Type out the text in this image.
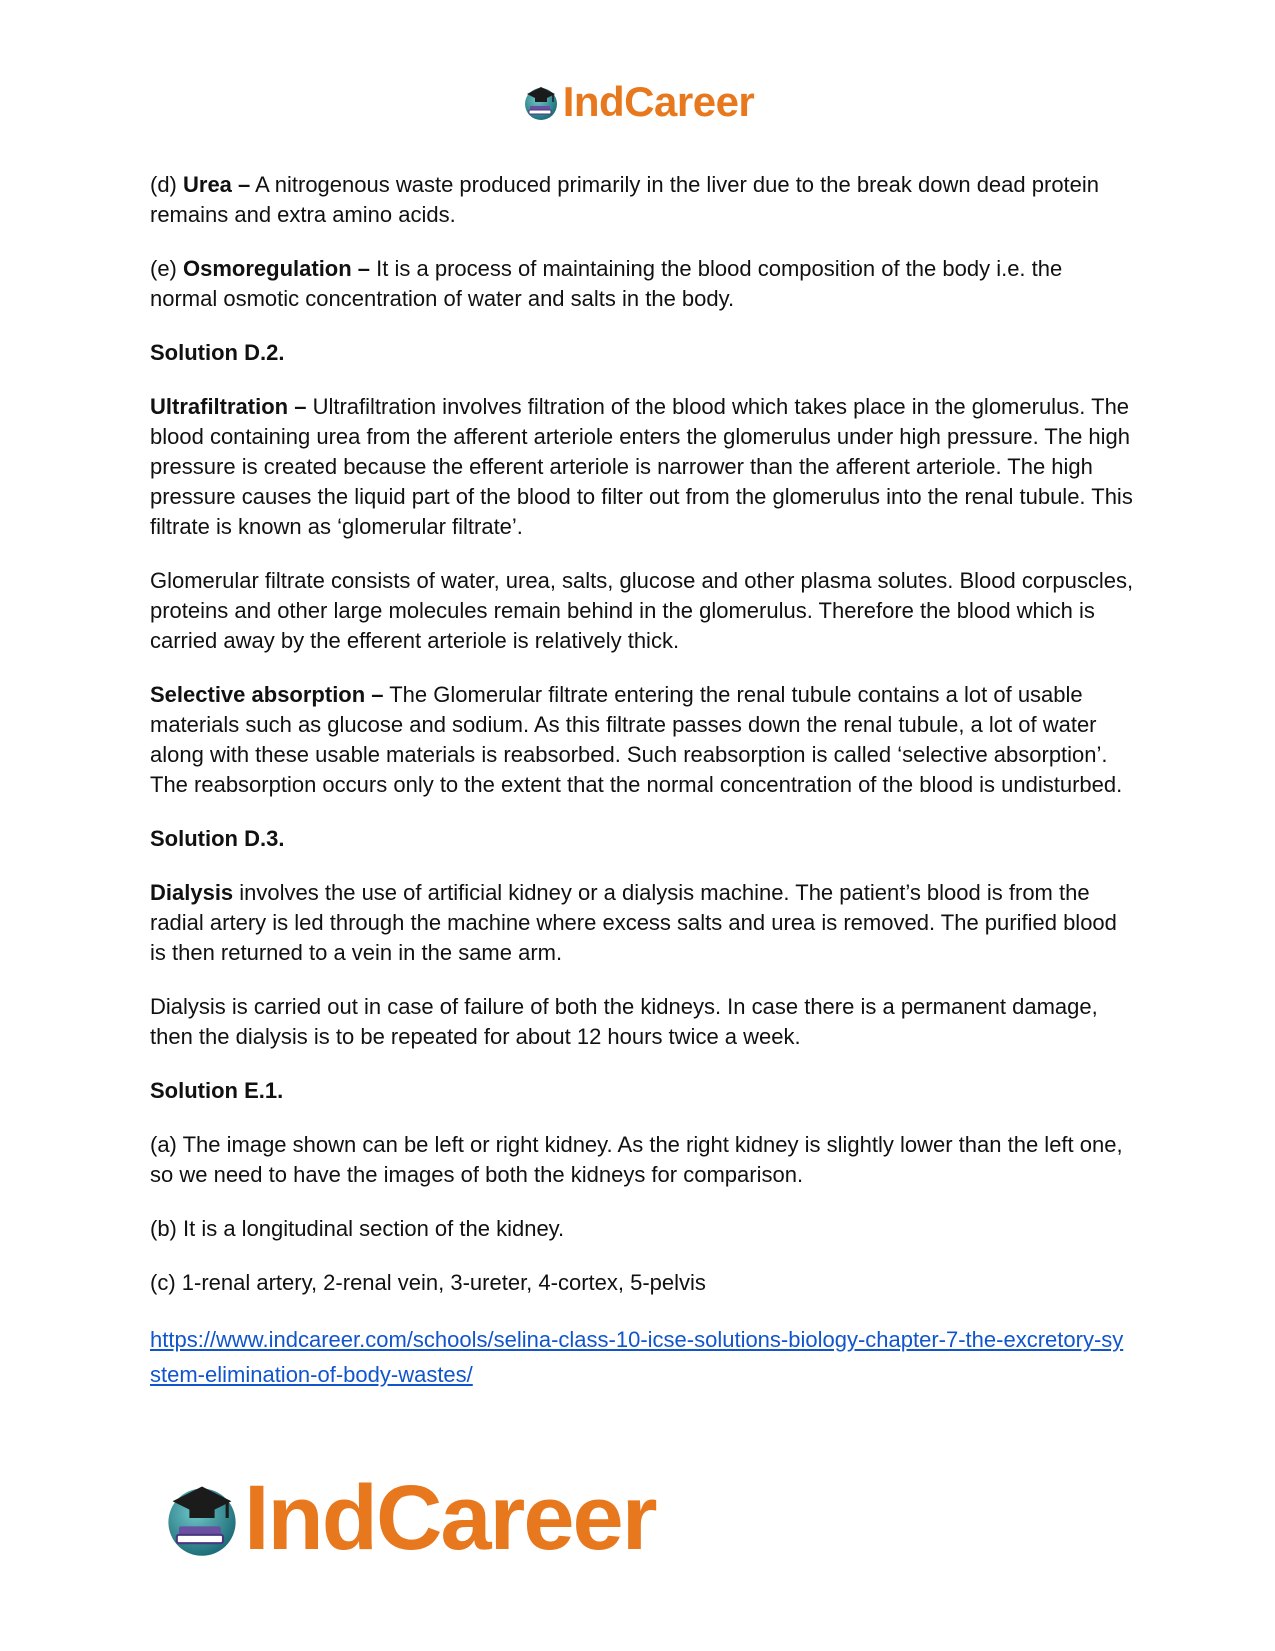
IndCareer

(d) Urea – A nitrogenous waste produced primarily in the liver due to the break down dead protein remains and extra amino acids.

(e) Osmoregulation – It is a process of maintaining the blood composition of the body i.e. the normal osmotic concentration of water and salts in the body.

Solution D.2.

Ultrafiltration – Ultrafiltration involves filtration of the blood which takes place in the glomerulus. The blood containing urea from the afferent arteriole enters the glomerulus under high pressure. The high pressure is created because the efferent arteriole is narrower than the afferent arteriole. The high pressure causes the liquid part of the blood to filter out from the glomerulus into the renal tubule. This filtrate is known as ‘glomerular filtrate’.

Glomerular filtrate consists of water, urea, salts, glucose and other plasma solutes. Blood corpuscles, proteins and other large molecules remain behind in the glomerulus. Therefore the blood which is carried away by the efferent arteriole is relatively thick.

Selective absorption – The Glomerular filtrate entering the renal tubule contains a lot of usable materials such as glucose and sodium. As this filtrate passes down the renal tubule, a lot of water along with these usable materials is reabsorbed. Such reabsorption is called ‘selective absorption’. The reabsorption occurs only to the extent that the normal concentration of the blood is undisturbed.

Solution D.3.

Dialysis involves the use of artificial kidney or a dialysis machine. The patient’s blood is from the radial artery is led through the machine where excess salts and urea is removed. The purified blood is then returned to a vein in the same arm.

Dialysis is carried out in case of failure of both the kidneys. In case there is a permanent damage, then the dialysis is to be repeated for about 12 hours twice a week.

Solution E.1.

(a) The image shown can be left or right kidney. As the right kidney is slightly lower than the left one, so we need to have the images of both the kidneys for comparison.

(b) It is a longitudinal section of the kidney.

(c) 1-renal artery, 2-renal vein, 3-ureter, 4-cortex, 5-pelvis

https://www.indcareer.com/schools/selina-class-10-icse-solutions-biology-chapter-7-the-excretory-system-elimination-of-body-wastes/
IndCareer
